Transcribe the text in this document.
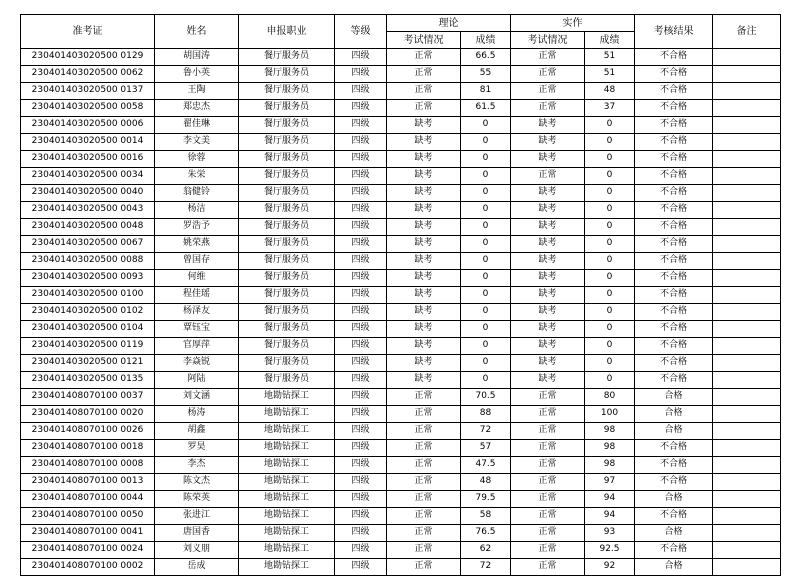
准考证	姓名	申报职业	等级	理论		实作		考核结果	备注
				考试情况	成绩	考试情况	成绩		
230401403020500 0129	胡国涛	餐厅服务员	四级	正常	66.5	正常	51	不合格	
230401403020500 0062	鲁小英	餐厅服务员	四级	正常	55	正常	51	不合格	
230401403020500 0137	王陶	餐厅服务员	四级	正常	81	正常	48	不合格	
230401403020500 0058	郑忠杰	餐厅服务员	四级	正常	61.5	正常	37	不合格	
230401403020500 0006	翟佳琳	餐厅服务员	四级	缺考	0	缺考	0	不合格	
230401403020500 0014	李文美	餐厅服务员	四级	缺考	0	缺考	0	不合格	
230401403020500 0016	徐蓉	餐厅服务员	四级	缺考	0	缺考	0	不合格	
230401403020500 0034	朱栄	餐厅服务员	四级	缺考	0	正常	0	不合格	
230401403020500 0040	翁健铃	餐厅服务员	四级	缺考	0	缺考	0	不合格	
230401403020500 0043	杨洁	餐厅服务员	四级	缺考	0	缺考	0	不合格	
230401403020500 0048	罗浩予	餐厅服务员	四级	缺考	0	缺考	0	不合格	
230401403020500 0067	姚荣燕	餐厅服务员	四级	缺考	0	缺考	0	不合格	
230401403020500 0088	曾国存	餐厅服务员	四级	缺考	0	缺考	0	不合格	
230401403020500 0093	何维	餐厅服务员	四级	缺考	0	缺考	0	不合格	
230401403020500 0100	程佳瑶	餐厅服务员	四级	缺考	0	缺考	0	不合格	
230401403020500 0102	杨泽友	餐厅服务员	四级	缺考	0	缺考	0	不合格	
230401403020500 0104	覃钰宝	餐厅服务员	四级	缺考	0	缺考	0	不合格	
230401403020500 0119	官厚萍	餐厅服务员	四级	缺考	0	缺考	0	不合格	
230401403020500 0121	李焱锐	餐厅服务员	四级	缺考	0	缺考	0	不合格	
230401403020500 0135	阿陆	餐厅服务员	四级	缺考	0	缺考	0	不合格	
230401408070100 0037	刘文涵	地勘钻探工	四级	正常	70.5	正常	80	合格	
230401408070100 0020	杨涛	地勘钻探工	四级	正常	88	正常	100	合格	
230401408070100 0026	胡鑫	地勘钻探工	四级	正常	72	正常	98	合格	
230401408070100 0018	罗昊	地勘钻探工	四级	正常	57	正常	98	不合格	
230401408070100 0008	李杰	地勘钻探工	四级	正常	47.5	正常	98	不合格	
230401408070100 0013	陈文杰	地勘钻探工	四级	正常	48	正常	97	不合格	
230401408070100 0044	陈荣英	地勘钻探工	四级	正常	79.5	正常	94	合格	
230401408070100 0050	张进江	地勘钻探工	四级	正常	58	正常	94	不合格	
230401408070100 0041	唐国香	地勘钻探工	四级	正常	76.5	正常	93	合格	
230401408070100 0024	刘义朋	地勘钻探工	四级	正常	62	正常	92.5	不合格	
230401408070100 0002	岳成	地勘钻探工	四级	正常	72	正常	92	合格	
